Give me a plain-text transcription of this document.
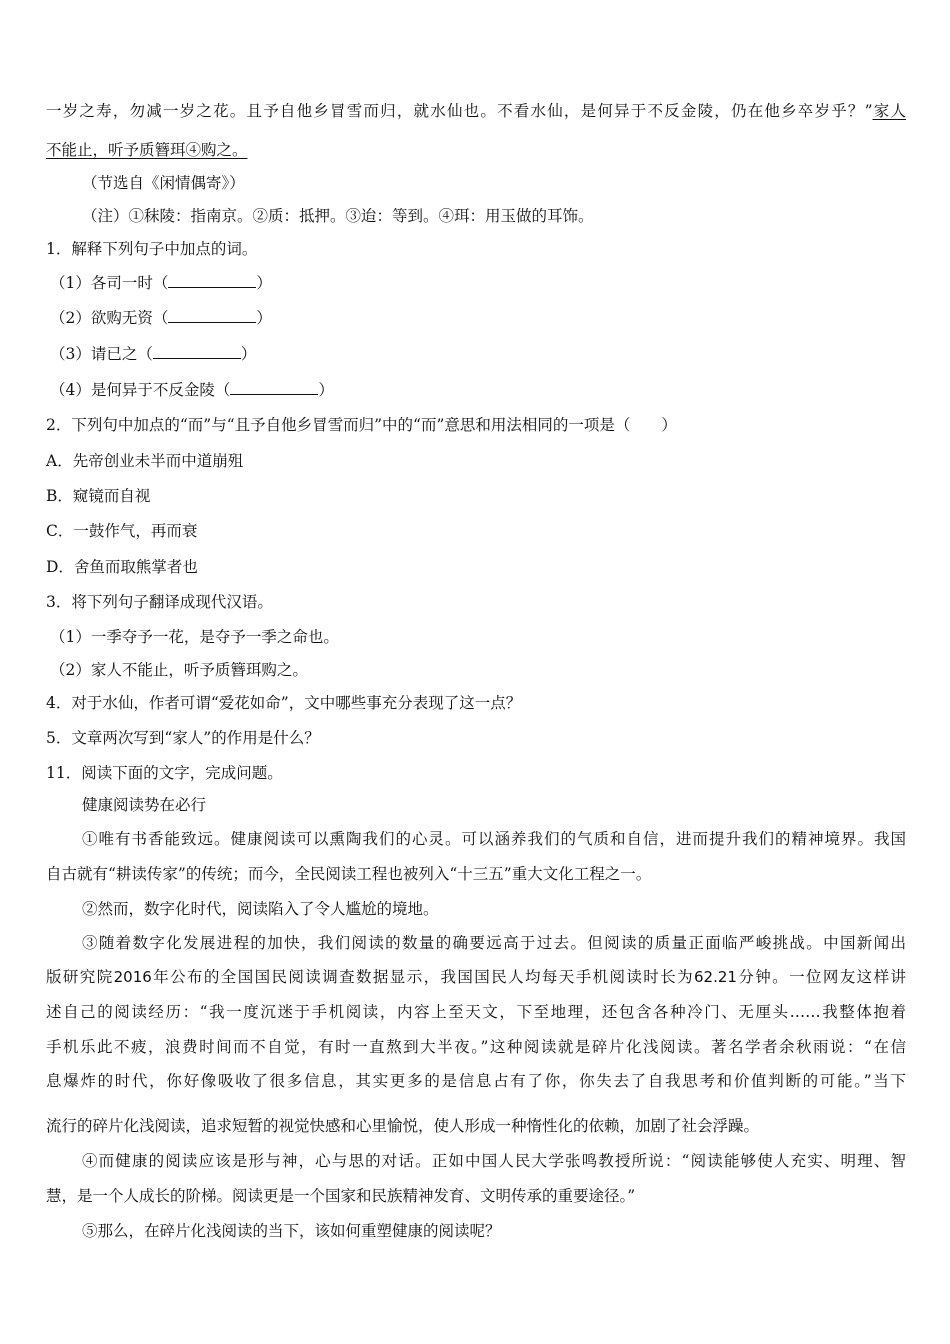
一岁之寿，勿减一岁之花。且予自他乡冒雪而归，就水仙也。不看水仙，是何异于不反金陵，仍在他乡卒岁乎？”家人
不能止，听予质簪珥④购之。
（节选自《闲情偶寄》）
（注）①秣陵：指南京。②质：抵押。③迨：等到。④珥：用玉做的耳饰。
1．解释下列句子中加点的词。
（1）各司一时（	）
（2）欲购无资（	）
（3）请已之（	）
（4）是何异于不反金陵（	）
2．下列句中加点的“而”与“且予自他乡冒雪而归”中的“而”意思和用法相同的一项是（　　）
A．先帝创业未半而中道崩殂
B．窥镜而自视
C．一鼓作气，再而衰
D．舍鱼而取熊掌者也
3．将下列句子翻译成现代汉语。
（1）一季夺予一花，是夺予一季之命也。
（2）家人不能止，听予质簪珥购之。
4．对于水仙，作者可谓“爱花如命”，文中哪些事充分表现了这一点？
5．文章两次写到“家人”的作用是什么？
11．阅读下面的文字，完成问题。
健康阅读势在必行
①唯有书香能致远。健康阅读可以熏陶我们的心灵。可以涵养我们的气质和自信，进而提升我们的精神境界。我国
自古就有“耕读传家”的传统；而今，全民阅读工程也被列入“十三五”重大文化工程之一。
②然而，数字化时代，阅读陷入了令人尴尬的境地。
③随着数字化发展进程的加快，我们阅读的数量的确要远高于过去。但阅读的质量正面临严峻挑战。中国新闻出
版研究院2016年公布的全国国民阅读调查数据显示，我国国民人均每天手机阅读时长为62.21分钟。一位网友这样讲
述自己的阅读经历：“我一度沉迷于手机阅读，内容上至天文，下至地理，还包含各种冷门、无厘头……我整体抱着
手机乐此不疲，浪费时间而不自觉，有时一直熬到大半夜。”这种阅读就是碎片化浅阅读。著名学者余秋雨说：“在信
息爆炸的时代，你好像吸收了很多信息，其实更多的是信息占有了你，你失去了自我思考和价值判断的可能。”当下
流行的碎片化浅阅读，追求短暂的视觉快感和心里愉悦，使人形成一种惰性化的依赖，加剧了社会浮躁。
④而健康的阅读应该是形与神，心与思的对话。正如中国人民大学张鸣教授所说：“阅读能够使人充实、明理、智
慧，是一个人成长的阶梯。阅读更是一个国家和民族精神发育、文明传承的重要途径。”
⑤那么，在碎片化浅阅读的当下，该如何重塑健康的阅读呢？
